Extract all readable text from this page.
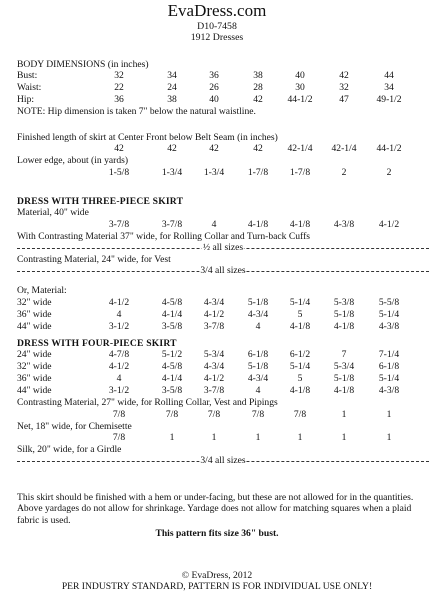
EvaDress.com
D10-7458
1912 Dresses
BODY DIMENSIONS (in inches)
Bust:	32	34	36	38	40	42	44
Waist:	22	24	26	28	30	32	34
Hip:	36	38	40	42	44-1/2	47	49-1/2
NOTE: Hip dimension is taken 7" below the natural waistline.
Finished length of skirt at Center Front below Belt Seam (in inches)
42	42	42	42	42-1/4 42-1/4 44-1/2
Lower edge, about (in yards)
1-5/8	1-3/4 1-3/4 1-7/8 1-7/8	2	2
DRESS WITH THREE-PIECE SKIRT
Material, 40" wide
3-7/8	3-7/8	4	4-1/8 4-1/8 4-3/8	4-1/2
With Contrasting Material 37" wide, for Rolling Collar and Turn-back Cuffs
½ all sizes
Contrasting Material, 24" wide, for Vest
3/4 all sizes
Or, Material:
32" wide	4-1/2	4-5/8 4-3/4 5-1/8 5-1/4 5-3/8	5-5/8
36" wide	4	4-1/4 4-1/2 4-3/4	5	5-1/8	5-1/4
44" wide	3-1/2	3-5/8 3-7/8	4	4-1/8 4-1/8	4-3/8
DRESS WITH FOUR-PIECE SKIRT
24" wide	4-7/8	5-1/2 5-3/4 6-1/8 6-1/2	7	7-1/4
32" wide	4-1/2	4-5/8 4-3/4 5-1/8 5-1/4 5-3/4	6-1/8
36" wide	4	4-1/4 4-1/2 4-3/4	5	5-1/8	5-1/4
44" wide	3-1/2	3-5/8 3-7/8	4	4-1/8 4-1/8	4-3/8
Contrasting Material, 27" wide, for Rolling Collar, Vest and Pipings
7/8	7/8	7/8	7/8	7/8	1	1
Net, 18" wide, for Chemisette
7/8	1	1	1	1	1	1
Silk, 20" wide, for a Girdle
3/4 all sizes
This skirt should be finished with a hem or under-facing, but these are not allowed for in the quantities.
Above yardages do not allow for shrinkage. Yardage does not allow for matching squares when a plaid fabric is used.
This pattern fits size 36" bust.
© EvaDress, 2012
PER INDUSTRY STANDARD, PATTERN IS FOR INDIVIDUAL USE ONLY!
